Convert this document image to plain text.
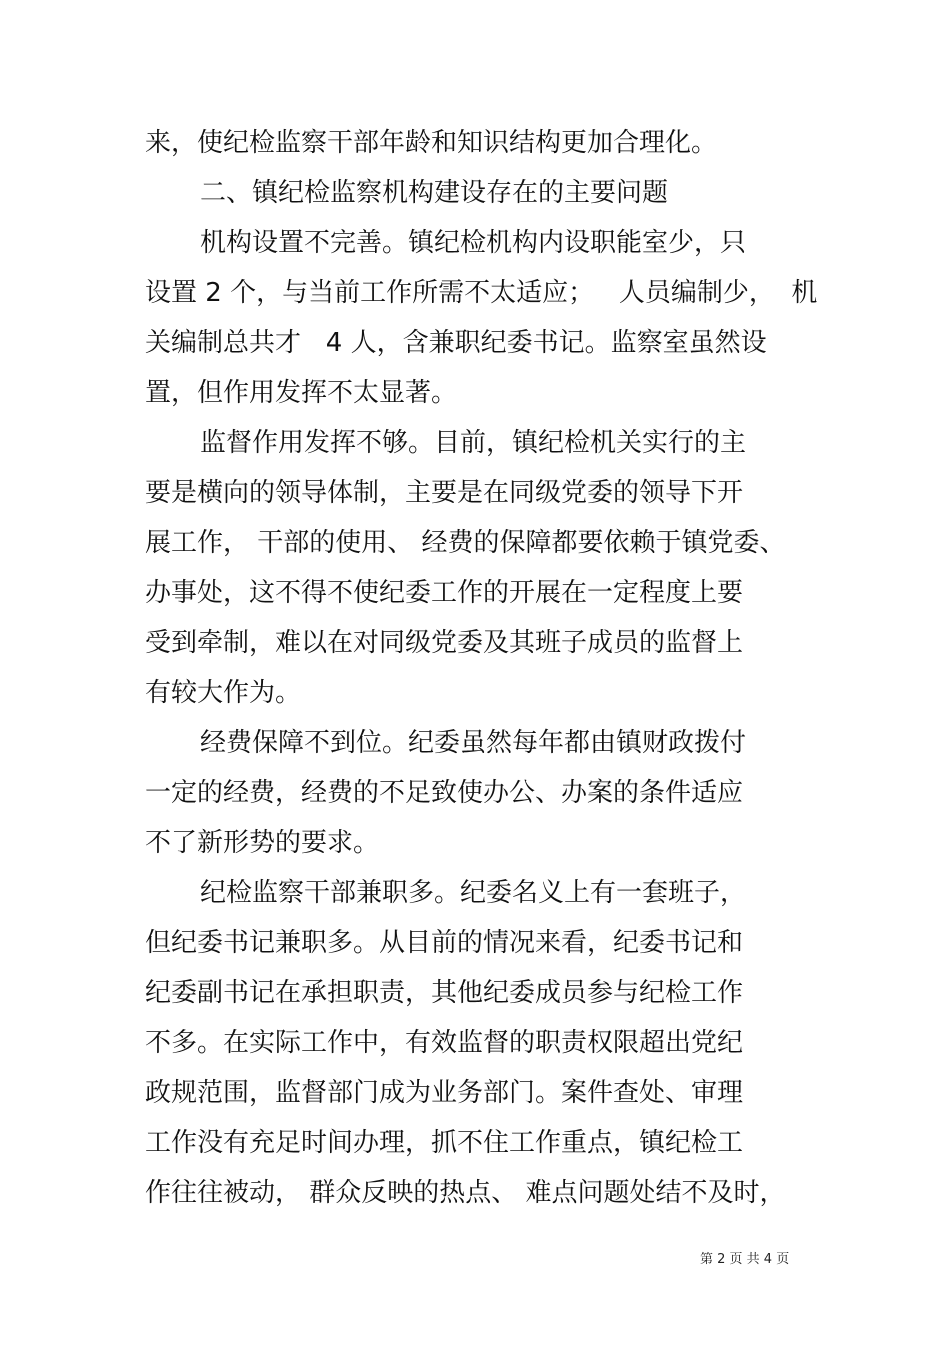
来，使纪检监察干部年龄和知识结构更加合理化。
二、镇纪检监察机构建设存在的主要问题
机构设置不完善。镇纪检机构内设职能室少，只
设置 2 个，与当前工作所需不太适应；   人员编制少，  机
关编制总共才   4 人，含兼职纪委书记。监察室虽然设
置，但作用发挥不太显著。
监督作用发挥不够。目前，镇纪检机关实行的主
要是横向的领导体制，主要是在同级党委的领导下开
展工作， 干部的使用、 经费的保障都要依赖于镇党委、
办事处，这不得不使纪委工作的开展在一定程度上要
受到牵制，难以在对同级党委及其班子成员的监督上
有较大作为。
经费保障不到位。纪委虽然每年都由镇财政拨付
一定的经费，经费的不足致使办公、办案的条件适应
不了新形势的要求。
纪检监察干部兼职多。纪委名义上有一套班子，
但纪委书记兼职多。从目前的情况来看，纪委书记和
纪委副书记在承担职责，其他纪委成员参与纪检工作
不多。在实际工作中，有效监督的职责权限超出党纪
政规范围，监督部门成为业务部门。案件查处、审理
工作没有充足时间办理，抓不住工作重点，镇纪检工
作往往被动， 群众反映的热点、 难点问题处结不及时，
第 2 页 共 4 页
